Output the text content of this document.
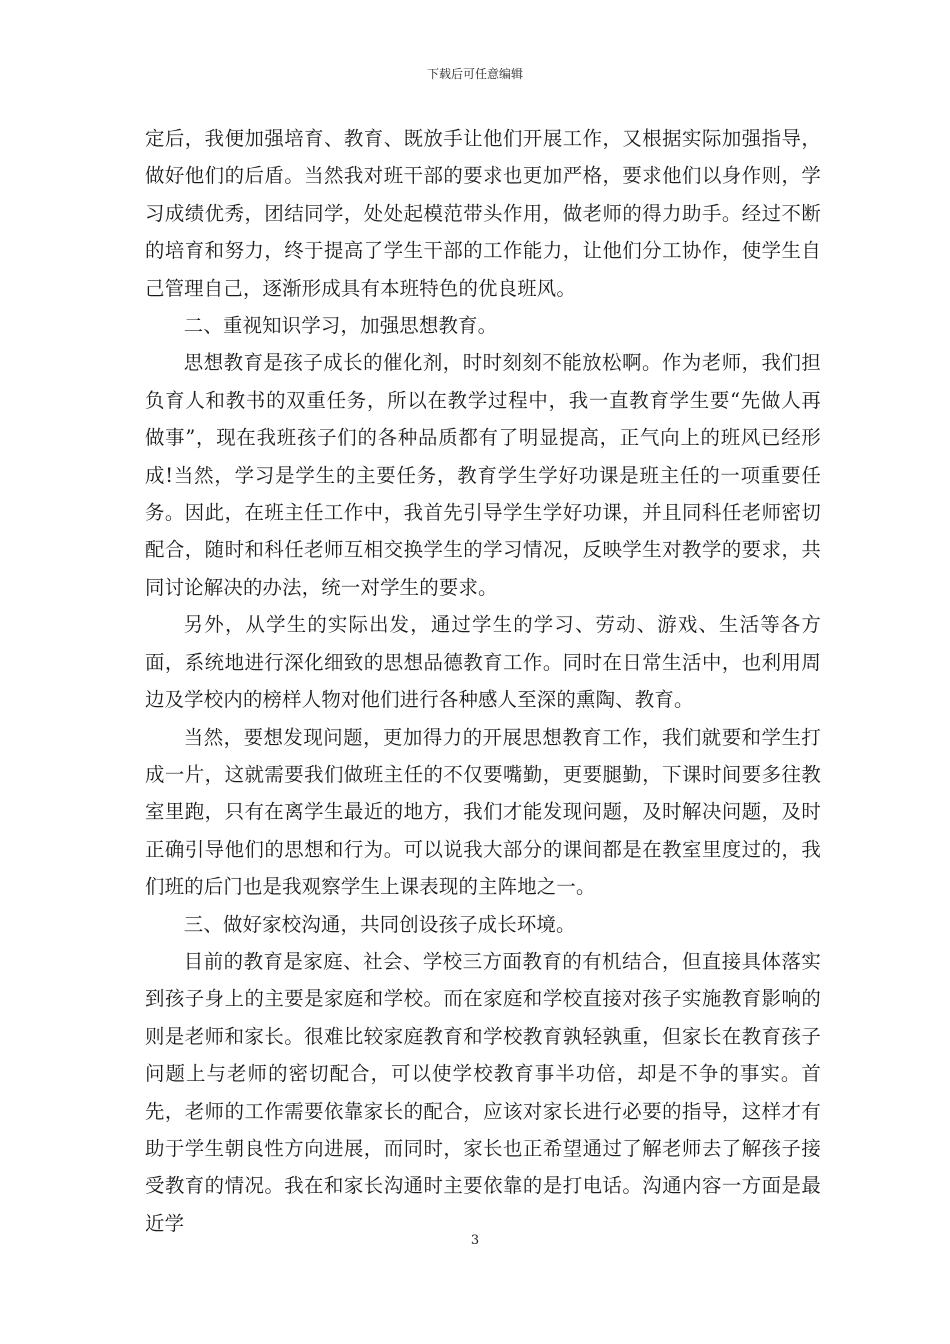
下载后可任意编辑

定后，我便加强培育、教育、既放手让他们开展工作，又根据实际加强指导，做好他们的后盾。当然我对班干部的要求也更加严格，要求他们以身作则，学习成绩优秀，团结同学，处处起模范带头作用，做老师的得力助手。经过不断的培育和努力，终于提高了学生干部的工作能力，让他们分工协作，使学生自己管理自己，逐渐形成具有本班特色的优良班风。

二、重视知识学习，加强思想教育。

思想教育是孩子成长的催化剂，时时刻刻不能放松啊。作为老师，我们担负育人和教书的双重任务，所以在教学过程中，我一直教育学生要“先做人再做事”，现在我班孩子们的各种品质都有了明显提高，正气向上的班风已经形成!当然，学习是学生的主要任务，教育学生学好功课是班主任的一项重要任务。因此，在班主任工作中，我首先引导学生学好功课，并且同科任老师密切配合，随时和科任老师互相交换学生的学习情况，反映学生对教学的要求，共同讨论解决的办法，统一对学生的要求。

另外，从学生的实际出发，通过学生的学习、劳动、游戏、生活等各方面，系统地进行深化细致的思想品德教育工作。同时在日常生活中，也利用周边及学校内的榜样人物对他们进行各种感人至深的熏陶、教育。

当然，要想发现问题，更加得力的开展思想教育工作，我们就要和学生打成一片，这就需要我们做班主任的不仅要嘴勤，更要腿勤，下课时间要多往教室里跑，只有在离学生最近的地方，我们才能发现问题，及时解决问题，及时正确引导他们的思想和行为。可以说我大部分的课间都是在教室里度过的，我们班的后门也是我观察学生上课表现的主阵地之一。

三、做好家校沟通，共同创设孩子成长环境。

目前的教育是家庭、社会、学校三方面教育的有机结合，但直接具体落实到孩子身上的主要是家庭和学校。而在家庭和学校直接对孩子实施教育影响的则是老师和家长。很难比较家庭教育和学校教育孰轻孰重，但家长在教育孩子问题上与老师的密切配合，可以使学校教育事半功倍，却是不争的事实。首先，老师的工作需要依靠家长的配合，应该对家长进行必要的指导，这样才有助于学生朝良性方向进展，而同时，家长也正希望通过了解老师去了解孩子接受教育的情况。我在和家长沟通时主要依靠的是打电话。沟通内容一方面是最近学

3
